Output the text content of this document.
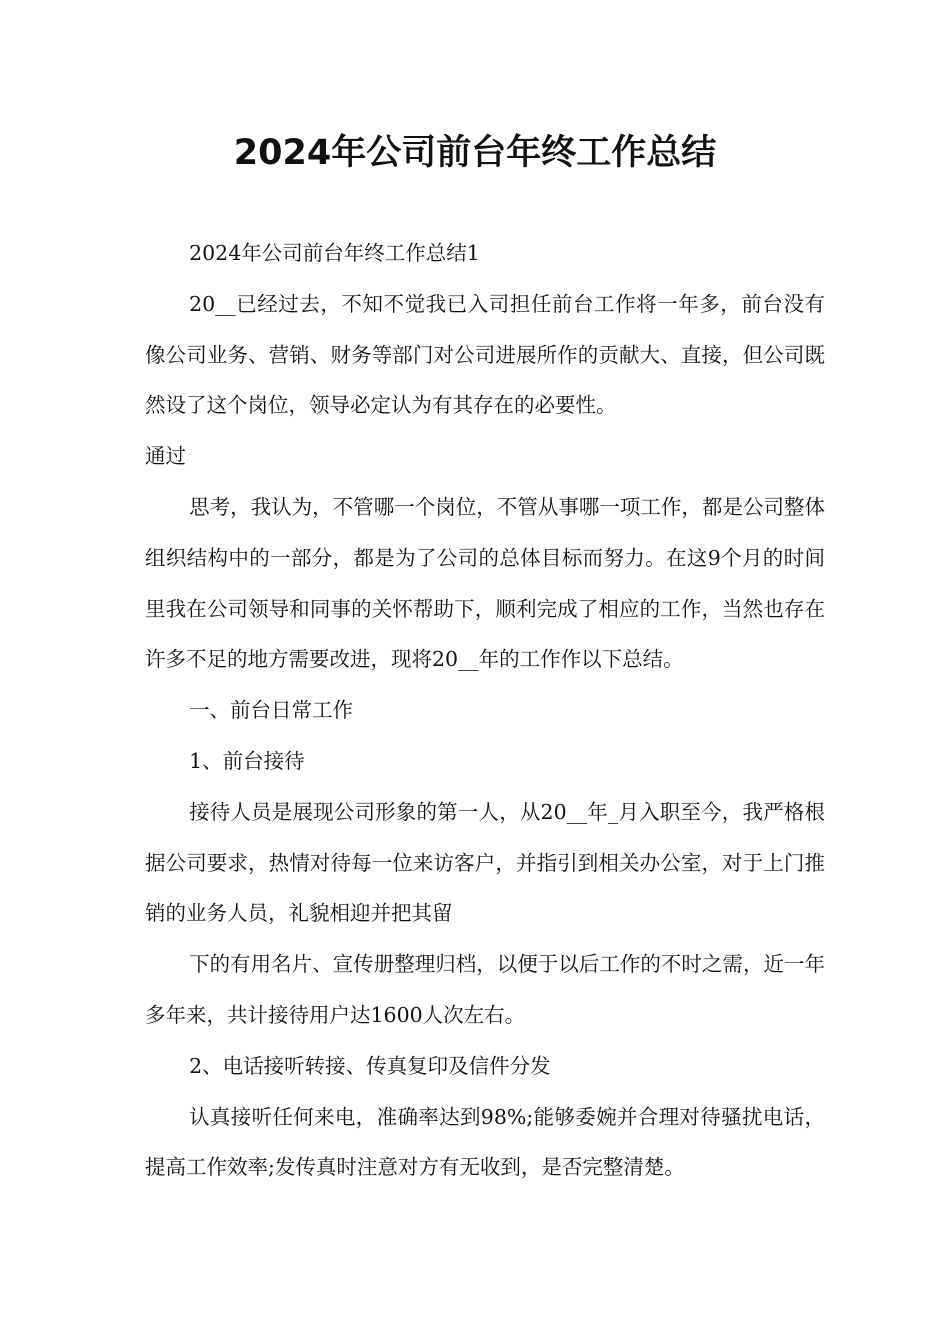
2024年公司前台年终工作总结

2024年公司前台年终工作总结1

20__已经过去，不知不觉我已入司担任前台工作将一年多，前台没有像公司业务、营销、财务等部门对公司进展所作的贡献大、直接，但公司既然设了这个岗位，领导必定认为有其存在的必要性。

通过

思考，我认为，不管哪一个岗位，不管从事哪一项工作，都是公司整体组织结构中的一部分，都是为了公司的总体目标而努力。在这9个月的时间里我在公司领导和同事的关怀帮助下，顺利完成了相应的工作，当然也存在许多不足的地方需要改进，现将20__年的工作作以下总结。

一、前台日常工作

1、前台接待

接待人员是展现公司形象的第一人，从20__年_月入职至今，我严格根据公司要求，热情对待每一位来访客户，并指引到相关办公室，对于上门推销的业务人员，礼貌相迎并把其留

下的有用名片、宣传册整理归档，以便于以后工作的不时之需，近一年多年来，共计接待用户达1600人次左右。

2、电话接听转接、传真复印及信件分发

认真接听任何来电，准确率达到98%;能够委婉并合理对待骚扰电话，提高工作效率;发传真时注意对方有无收到，是否完整清楚。
